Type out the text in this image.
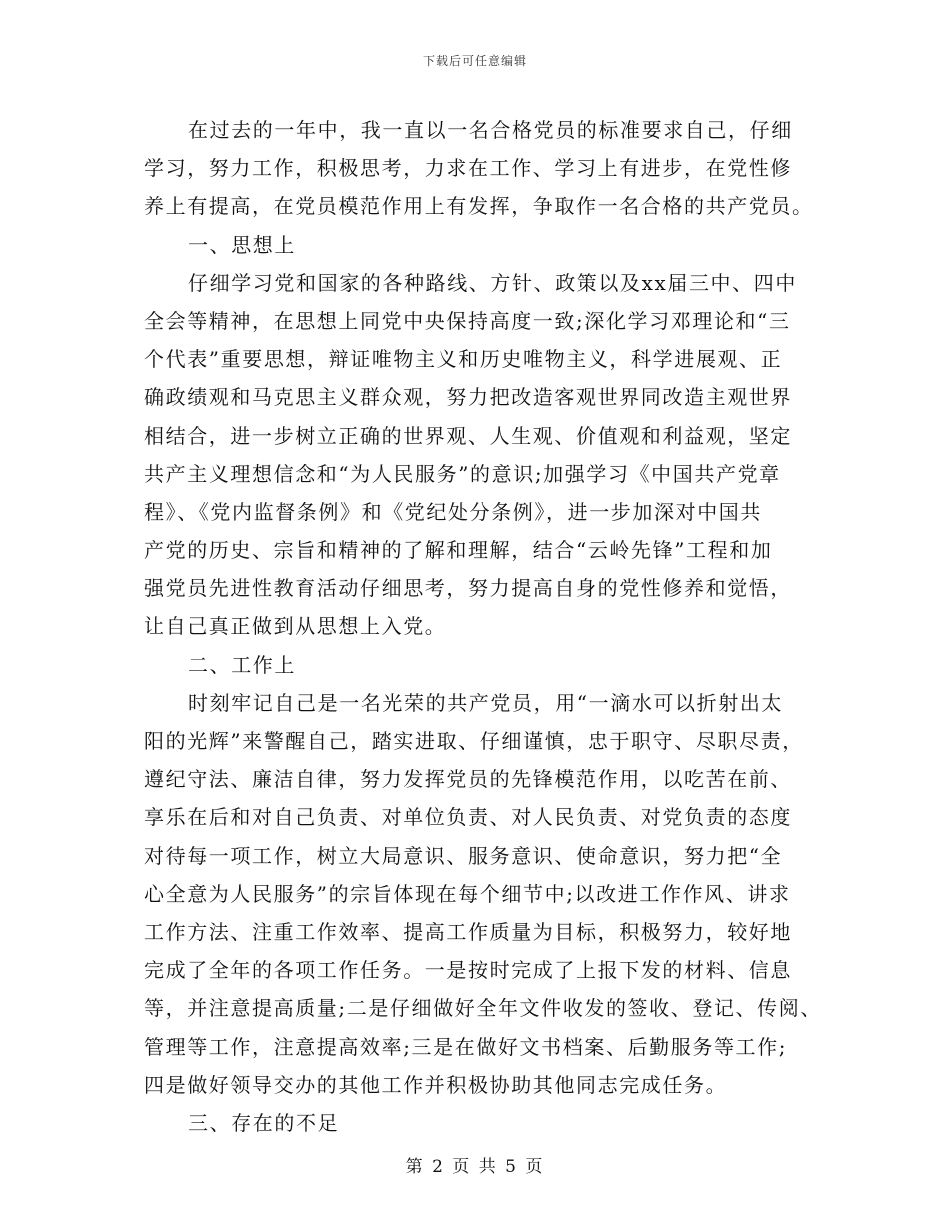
下载后可任意编辑
在过去的一年中，我一直以一名合格党员的标准要求自己，仔细
学习，努力工作，积极思考，力求在工作、学习上有进步，在党性修
养上有提高，在党员模范作用上有发挥，争取作一名合格的共产党员。
一、思想上
仔细学习党和国家的各种路线、方针、政策以及xx届三中、四中
全会等精神，在思想上同党中央保持高度一致;深化学习邓理论和“三
个代表”重要思想，辩证唯物主义和历史唯物主义，科学进展观、正
确政绩观和马克思主义群众观，努力把改造客观世界同改造主观世界
相结合，进一步树立正确的世界观、人生观、价值观和利益观，坚定
共产主义理想信念和“为人民服务”的意识;加强学习《中国共产党章
程》、《党内监督条例》和《党纪处分条例》，进一步加深对中国共
产党的历史、宗旨和精神的了解和理解，结合“云岭先锋”工程和加
强党员先进性教育活动仔细思考，努力提高自身的党性修养和觉悟，
让自己真正做到从思想上入党。
二、工作上
时刻牢记自己是一名光荣的共产党员，用“一滴水可以折射出太
阳的光辉”来警醒自己，踏实进取、仔细谨慎，忠于职守、尽职尽责，
遵纪守法、廉洁自律，努力发挥党员的先锋模范作用，以吃苦在前、
享乐在后和对自己负责、对单位负责、对人民负责、对党负责的态度
对待每一项工作，树立大局意识、服务意识、使命意识，努力把“全
心全意为人民服务”的宗旨体现在每个细节中;以改进工作作风、讲求
工作方法、注重工作效率、提高工作质量为目标，积极努力，较好地
完成了全年的各项工作任务。一是按时完成了上报下发的材料、信息
等，并注意提高质量;二是仔细做好全年文件收发的签收、登记、传阅、
管理等工作，注意提高效率;三是在做好文书档案、后勤服务等工作;
四是做好领导交办的其他工作并积极协助其他同志完成任务。
三、存在的不足
第 2 页 共 5 页
